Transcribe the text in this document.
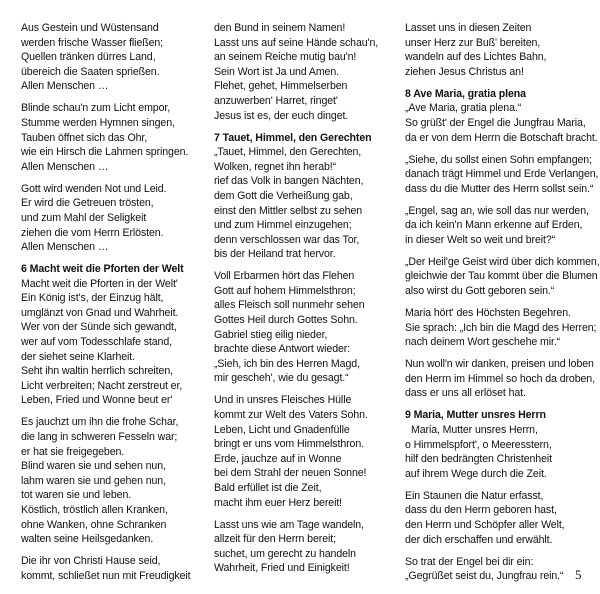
Aus Gestein und Wüstensand
werden frische Wasser fließen;
Quellen tränken dürres Land,
übereich die Saaten sprießen.
Allen Menschen …
Blinde schau'n zum Licht empor,
Stumme werden Hymnen singen,
Tauben öffnet sich das Ohr,
wie ein Hirsch die Lahmen springen.
Allen Menschen …
Gott wird wenden Not und Leid.
Er wird die Getreuen trösten,
und zum Mahl der Seligkeit
ziehen die vom Herrn Erlösten.
Allen Menschen …
6 Macht weit die Pforten der Welt
Macht weit die Pforten in der Welt'
Ein König ist's, der Einzug hält,
umglänzt von Gnad und Wahrheit.
Wer von der Sünde sich gewandt,
wer auf vom Todesschlafe stand,
der siehet seine Klarheit.
Seht ihn waltin herrlich schreiten,
Licht verbreiten; Nacht zerstreut er,
Leben, Fried und Wonne beut er'
Es jauchzt um ihn die frohe Schar,
die lang in schweren Fesseln war;
er hat sie freigegeben.
Blind waren sie und sehen nun,
lahm waren sie und gehen nun,
tot waren sie und leben.
Köstlich, tröstlich allen Kranken,
ohne Wanken, ohne Schranken
walten seine Heilsgedanken.
Die ihr von Christi Hause seid,
kommt, schließet nun mit Freudigkeit
den Bund in seinem Namen!
Lasst uns auf seine Hände schau'n,
an seinem Reiche mutig bau'n!
Sein Wort ist Ja und Amen.
Flehet, gehet, Himmelserben
anzuwerben' Harret, ringet'
Jesus ist es, der euch dinget.
7 Tauet, Himmel, den Gerechten
„Tauet, Himmel, den Gerechten,
Wolken, regnet ihn herab!“
rief das Volk in bangen Nächten,
dem Gott die Verheißung gab,
einst den Mittler selbst zu sehen
und zum Himmel einzugehen;
denn verschlossen war das Tor,
bis der Heiland trat hervor.
Voll Erbarmen hört das Flehen
Gott auf hohem Himmelsthron;
alles Fleisch soll nunmehr sehen
Gottes Heil durch Gottes Sohn.
Gabriel stieg eilig nieder,
brachte diese Antwort wieder:
„Sieh, ich bin des Herren Magd,
mir gescheh', wie du gesagt.“
Und in unsres Fleisches Hülle
kommt zur Welt des Vaters Sohn.
Leben, Licht und Gnadenfülle
bringt er uns vom Himmelsthron.
Erde, jauchze auf in Wonne
bei dem Strahl der neuen Sonne!
Bald erfüllet ist die Zeit,
macht ihm euer Herz bereit!
Lasst uns wie am Tage wandeln,
allzeit für den Herrn bereit;
suchet, um gerecht zu handeln
Wahrheit, Fried und Einigkeit!
Lasset uns in diesen Zeiten
unser Herz zur Buß' bereiten,
wandeln auf des Lichtes Bahn,
ziehen Jesus Christus an!
8 Ave Maria, gratia plena
„Ave Maria, gratia plena.“
So grüßt' der Engel die Jungfrau Maria,
da er von dem Herrn die Botschaft bracht.
„Siehe, du sollst einen Sohn empfangen;
danach trägt Himmel und Erde Verlangen,
dass du die Mutter des Herrn sollst sein.“
„Engel, sag an, wie soll das nur werden,
da ich kein'n Mann erkenne auf Erden,
in dieser Welt so weit und breit?“
„Der Heil'ge Geist wird über dich kommen,
gleichwie der Tau kommt über die Blumen
also wirst du Gott geboren sein.“
Maria hört' des Höchsten Begehren.
Sie sprach: „Ich bin die Magd des Herren;
nach deinem Wort geschehe mir.“
Nun woll'n wir danken, preisen und loben
den Herrn im Himmel so hoch da droben,
dass er uns all erlöset hat.
9 Maria, Mutter unsres Herrn
Maria, Mutter unsres Herrn,
o Himmelspfort', o Meeresstern,
hilf den bedrängten Christenheit
auf ihrem Wege durch die Zeit.
Ein Staunen die Natur erfasst,
dass du den Herrn geboren hast,
den Herrn und Schöpfer aller Welt,
der dich erschaffen und erwählt.
So trat der Engel bei dir ein:
„Gegrüßet seist du, Jungfrau rein.“ 5
